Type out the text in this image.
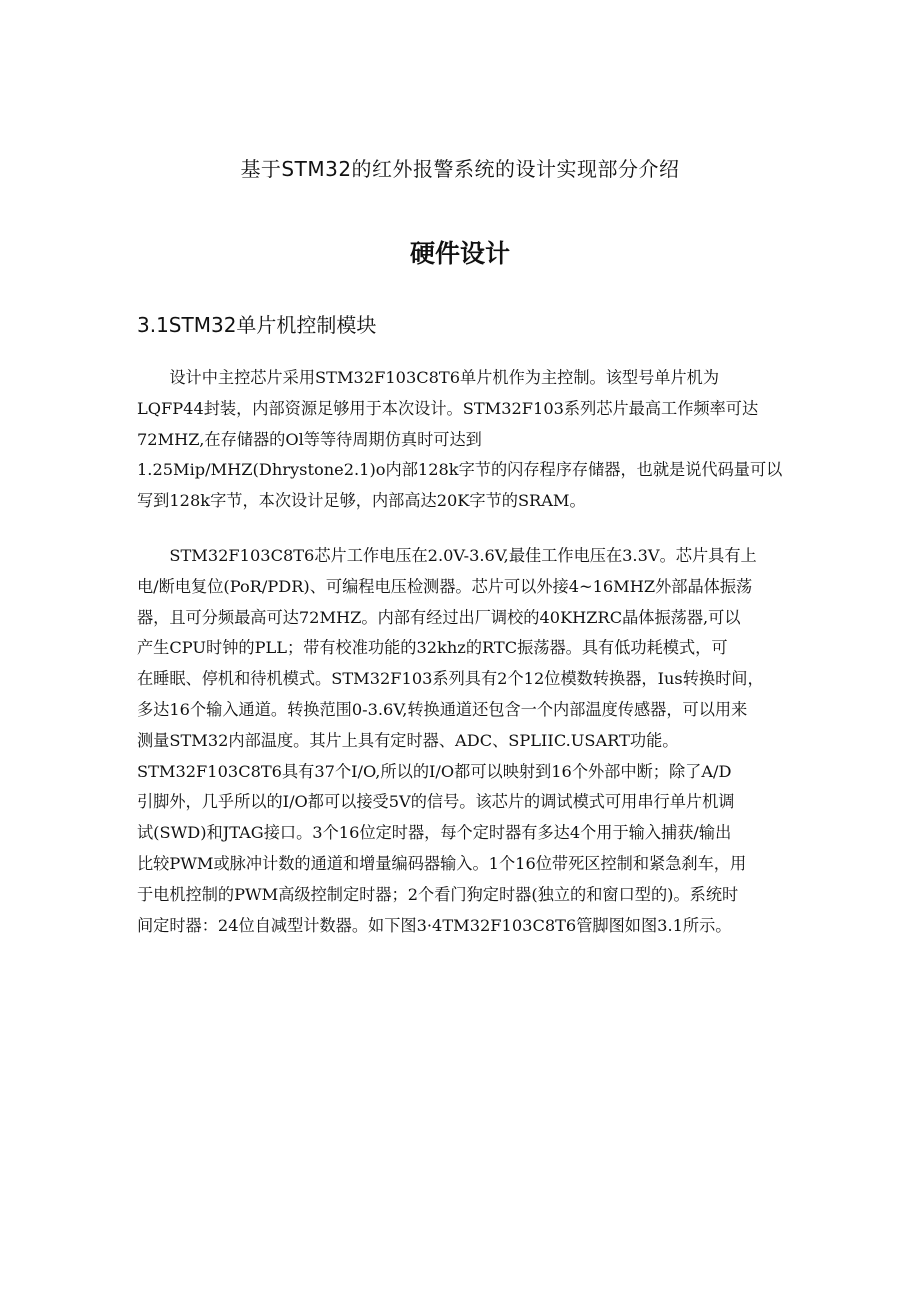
基于STM32的红外报警系统的设计实现部分介绍
硬件设计
3.1STM32单片机控制模块
　　设计中主控芯片采用STM32F103C8T6单片机作为主控制。该型号单片机为
LQFP44封装，内部资源足够用于本次设计。STM32F103系列芯片最高工作频率可达
72MHZ,在存储器的Ol等等待周期仿真时可达到
1.25Mip/MHZ(Dhrystone2.1)o内部128k字节的闪存程序存储器，也就是说代码量可以
写到128k字节，本次设计足够，内部高达20K字节的SRAM。
　　STM32F103C8T6芯片工作电压在2.0V-3.6V,最佳工作电压在3.3V。芯片具有上
电/断电复位(PoR/PDR)、可编程电压检测器。芯片可以外接4~16MHZ外部晶体振荡
器，且可分频最高可达72MHZ。内部有经过出厂调校的40KHZRC晶体振荡器,可以
产生CPU时钟的PLL；带有校准功能的32khz的RTC振荡器。具有低功耗模式，可
在睡眠、停机和待机模式。STM32F103系列具有2个12位模数转换器，Ius转换时间，
多达16个输入通道。转换范围0-3.6V,转换通道还包含一个内部温度传感器，可以用来
测量STM32内部温度。其片上具有定时器、ADC、SPLIIC.USART功能。
STM32F103C8T6具有37个I/O,所以的I/O都可以映射到16个外部中断；除了A/D
引脚外，几乎所以的I/O都可以接受5V的信号。该芯片的调试模式可用串行单片机调
试(SWD)和JTAG接口。3个16位定时器，每个定时器有多达4个用于输入捕获/输出
比较PWM或脉冲计数的通道和增量编码器输入。1个16位带死区控制和紧急刹车，用
于电机控制的PWM高级控制定时器；2个看门狗定时器(独立的和窗口型的)。系统时
间定时器：24位自减型计数器。如下图3·4TM32F103C8T6管脚图如图3.1所示。
